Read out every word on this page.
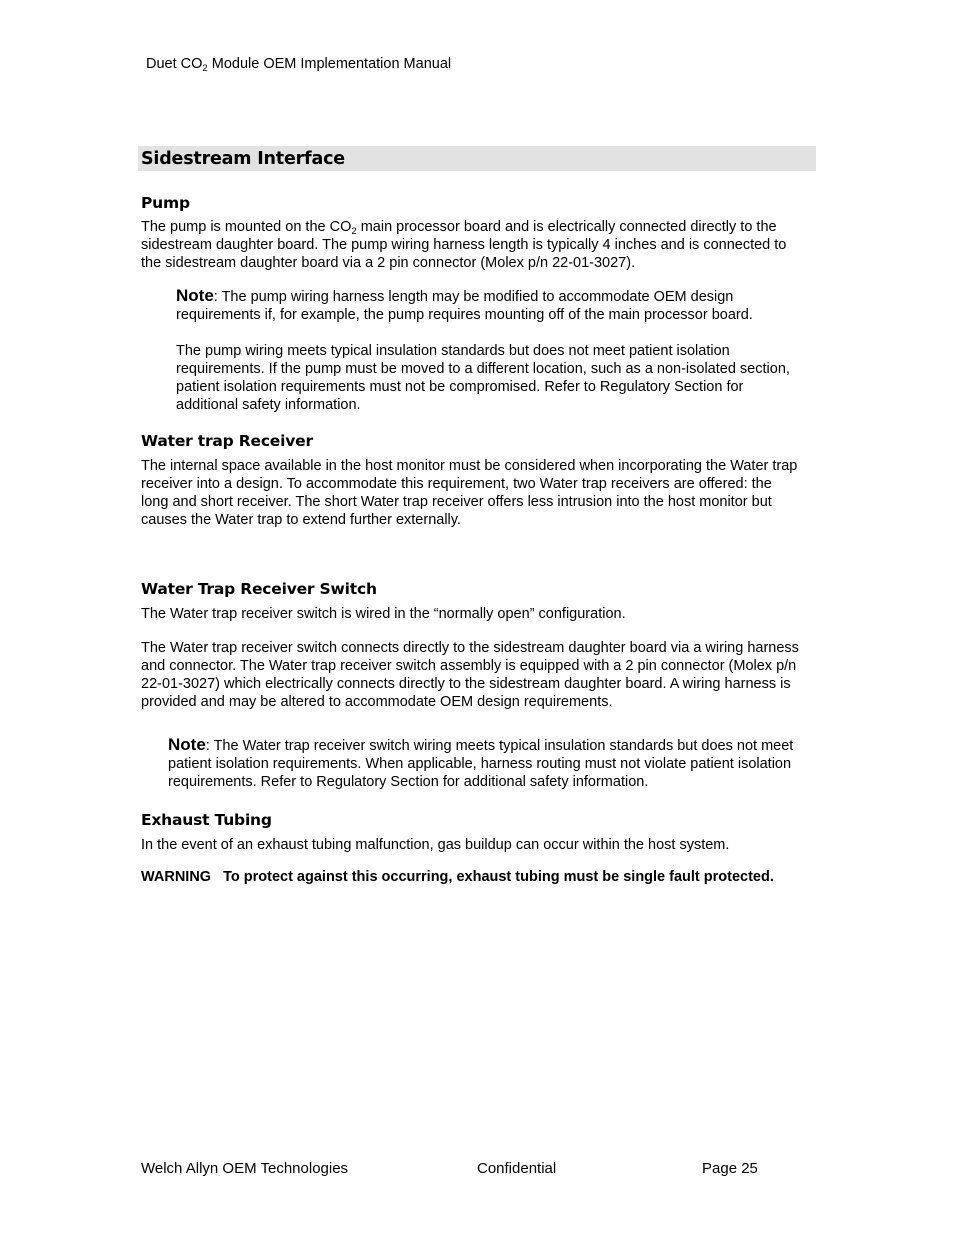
Duet $CO_2$ Module OEM Implementation Manual
Sidestream Interface
Pump
The pump is mounted on the $CO_2$ main processor board and is electrically connected directly to the
sidestream daughter board. The pump wiring harness length is typically 4 inches and is connected to
the sidestream daughter board via a 2 pin connector (Molex p/n 22-01-3027).
Note: The pump wiring harness length may be modified to accommodate OEM design
requirements if, for example, the pump requires mounting off of the main processor board.
The pump wiring meets typical insulation standards but does not meet patient isolation
requirements. If the pump must be moved to a different location, such as a non-isolated section,
patient isolation requirements must not be compromised. Refer to Regulatory Section for
additional safety information.
Water trap Receiver
The internal space available in the host monitor must be considered when incorporating the Water trap
receiver into a design. To accommodate this requirement, two Water trap receivers are offered: the
long and short receiver. The short Water trap receiver offers less intrusion into the host monitor but
causes the Water trap to extend further externally.
Water Trap Receiver Switch
The Water trap receiver switch is wired in the “normally open” configuration.
The Water trap receiver switch connects directly to the sidestream daughter board via a wiring harness
and connector. The Water trap receiver switch assembly is equipped with a 2 pin connector (Molex p/n
22-01-3027) which electrically connects directly to the sidestream daughter board. A wiring harness is
provided and may be altered to accommodate OEM design requirements.
Note: The Water trap receiver switch wiring meets typical insulation standards but does not meet
patient isolation requirements. When applicable, harness routing must not violate patient isolation
requirements. Refer to Regulatory Section for additional safety information.
Exhaust Tubing
In the event of an exhaust tubing malfunction, gas buildup can occur within the host system.
WARNING To protect against this occurring, exhaust tubing must be single fault protected.
Welch Allyn OEM Technologies	Confidential	Page 25
